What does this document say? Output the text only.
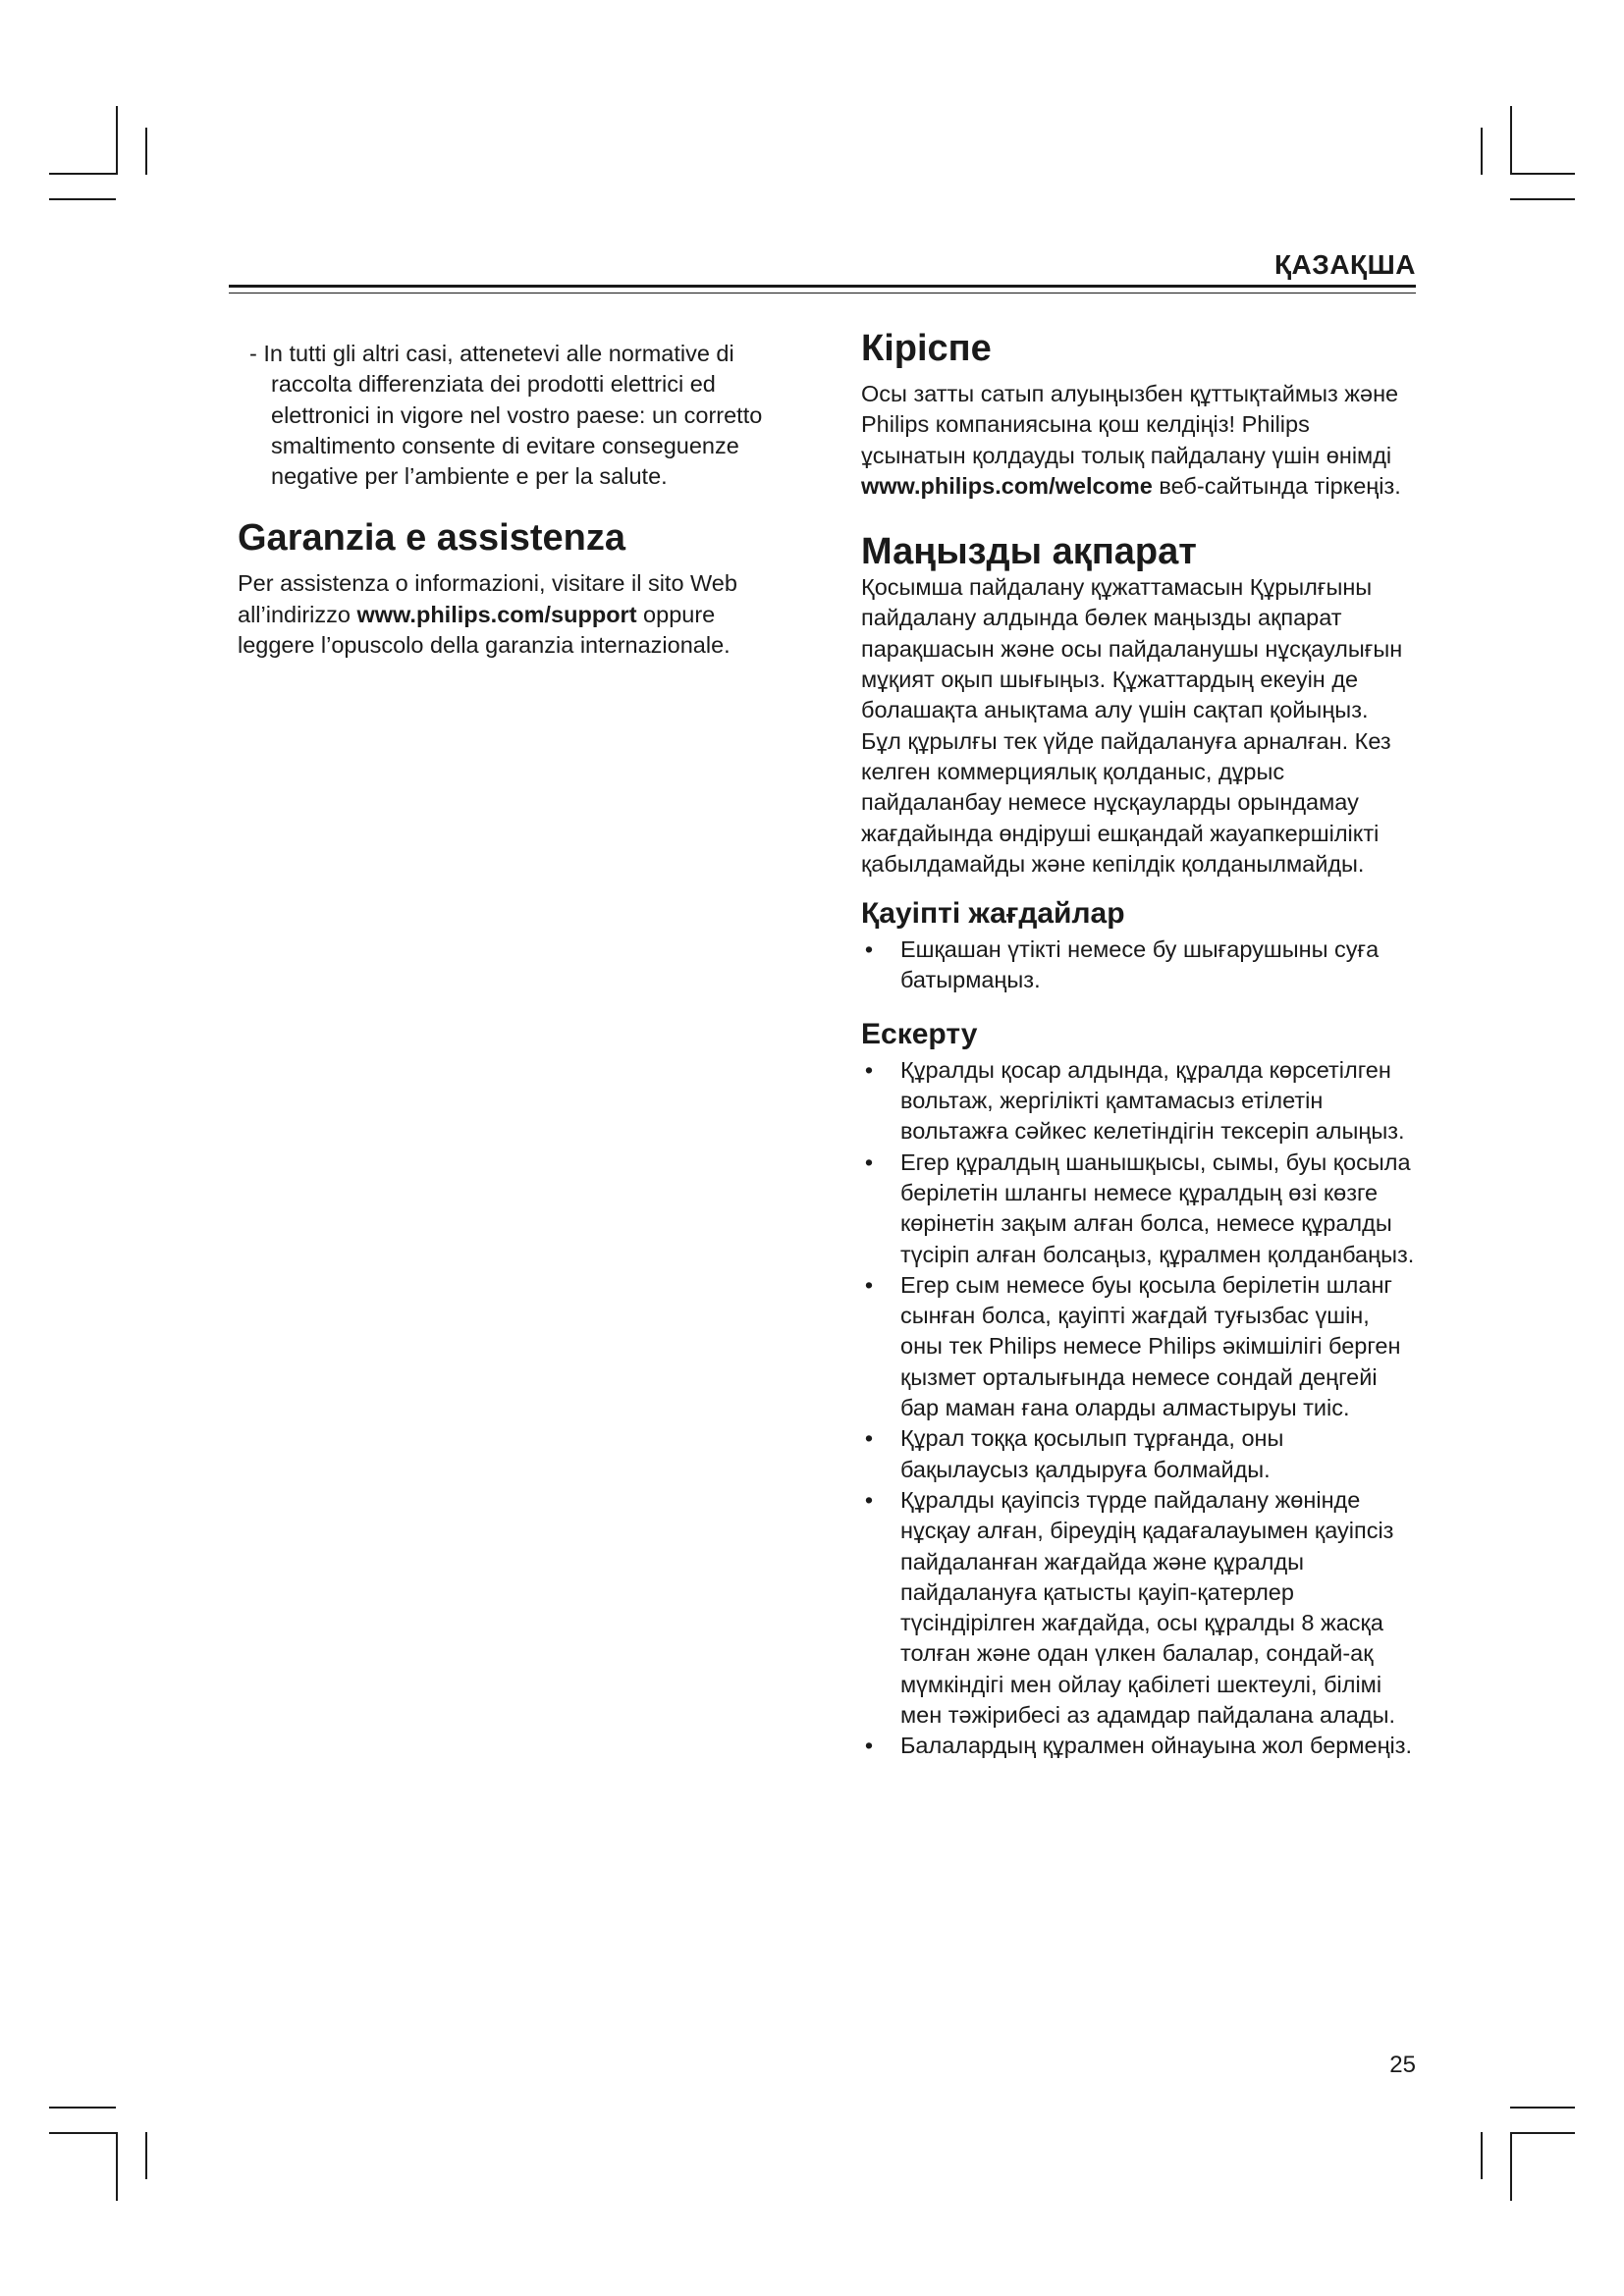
ҚАЗАҚША

- In tutti gli altri casi, attenetevi alle normative di raccolta differenziata dei prodotti elettrici ed elettronici in vigore nel vostro paese: un corretto smaltimento consente di evitare conseguenze negative per l’ambiente e per la salute.

Garanzia e assistenza

Per assistenza o informazioni, visitare il sito Web all’indirizzo www.philips.com/support oppure leggere l’opuscolo della garanzia internazionale.

Кіріспе

Осы затты сатып алуыңызбен құттықтаймыз және Philips компаниясына қош келдіңіз! Philips ұсынатын қолдауды толық пайдалану үшін өнімді www.philips.com/welcome веб-сайтында тіркеңіз.

Маңызды ақпарат

Қосымша пайдалану құжаттамасын Құрылғыны пайдалану алдында бөлек маңызды ақпарат парақшасын және осы пайдаланушы нұсқаулығын мұқият оқып шығыңыз. Құжаттардың екеуін де болашақта анықтама алу үшін сақтап қойыңыз.

Бұл құрылғы тек үйде пайдалануға арналған. Кез келген коммерциялық қолданыс, дұрыс пайдаланбау немесе нұсқауларды орындамау жағдайында өндіруші ешқандай жауапкершілікті қабылдамайды және кепілдік қолданылмайды.

Қауіпті жағдайлар
• Ешқашан үтікті немесе бу шығарушыны суға батырмаңыз.
Ескерту
• Құралды қосар алдында, құралда көрсетілген вольтаж, жергілікті қамтамасыз етілетін вольтажға сәйкес келетіндігін тексеріп алыңыз.
• Егер құралдың шанышқысы, сымы, буы қосыла берілетін шлангы немесе құралдың өзі көзге көрінетін зақым алған болса, немесе құралды түсіріп алған болсаңыз, құралмен қолданбаңыз.
• Егер сым немесе буы қосыла берілетін шланг сынған болса, қауіпті жағдай туғызбас үшін, оны тек Philips немесе Philips әкімшілігі берген қызмет орталығында немесе сондай деңгейі бар маман ғана оларды алмастыруы тиіс.
• Құрал тоққа қосылып тұрғанда, оны бақылаусыз қалдыруға болмайды.
• Құралды қауіпсіз түрде пайдалану жөнінде нұсқау алған, біреудің қадағалауымен қауіпсіз пайдаланған жағдайда және құралды пайдалануға қатысты қауіп-қатерлер түсіндірілген жағдайда, осы құралды 8 жасқа толған және одан үлкен балалар, сондай-ақ мүмкіндігі мен ойлау қабілеті шектеулі, білімі мен тәжірибесі аз адамдар пайдалана алады.
• Балалардың құралмен ойнауына жол бермеңіз.
25
